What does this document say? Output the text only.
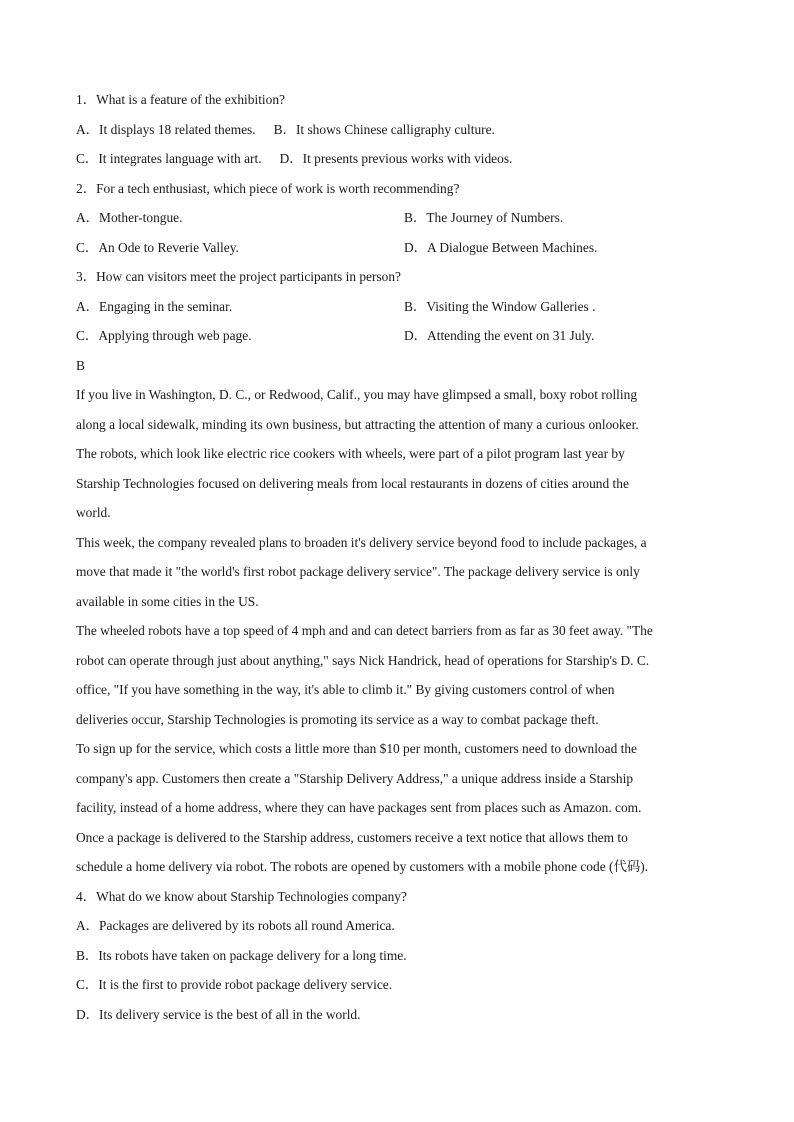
1．What is a feature of the exhibition?
A．It displays 18 related themes. B．It shows Chinese calligraphy culture.
C．It integrates language with art. D．It presents previous works with videos.
2．For a tech enthusiast, which piece of work is worth recommending?
A．Mother-tongue.	B．The Journey of Numbers.
C．An Ode to Reverie Valley.	D．A Dialogue Between Machines.
3．How can visitors meet the project participants in person?
A．Engaging in the seminar.	B．Visiting the Window Galleries .
C．Applying through web page.	D．Attending the event on 31 July.
B
If you live in Washington, D. C., or Redwood, Calif., you may have glimpsed a small, boxy robot rolling
along a local sidewalk, minding its own business, but attracting the attention of many a curious onlooker.
The robots, which look like electric rice cookers with wheels, were part of a pilot program last year by
Starship Technologies focused on delivering meals from local restaurants in dozens of cities around the
world.
This week, the company revealed plans to broaden it's delivery service beyond food to include packages, a
move that made it "the world's first robot package delivery service". The package delivery service is only
available in some cities in the US.
The wheeled robots have a top speed of 4 mph and and can detect barriers from as far as 30 feet away. "The
robot can operate through just about anything," says Nick Handrick, head of operations for Starship's D. C.
office, "If you have something in the way, it's able to climb it." By giving customers control of when
deliveries occur, Starship Technologies is promoting its service as a way to combat package theft.
To sign up for the service, which costs a little more than $10 per month, customers need to download the
company's app. Customers then create a "Starship Delivery Address," a unique address inside a Starship
facility, instead of a home address, where they can have packages sent from places such as Amazon. com.
Once a package is delivered to the Starship address, customers receive a text notice that allows them to
schedule a home delivery via robot. The robots are opened by customers with a mobile phone code (代码).
4．What do we know about Starship Technologies company?
A．Packages are delivered by its robots all round America.
B．Its robots have taken on package delivery for a long time.
C．It is the first to provide robot package delivery service.
D．Its delivery service is the best of all in the world.
